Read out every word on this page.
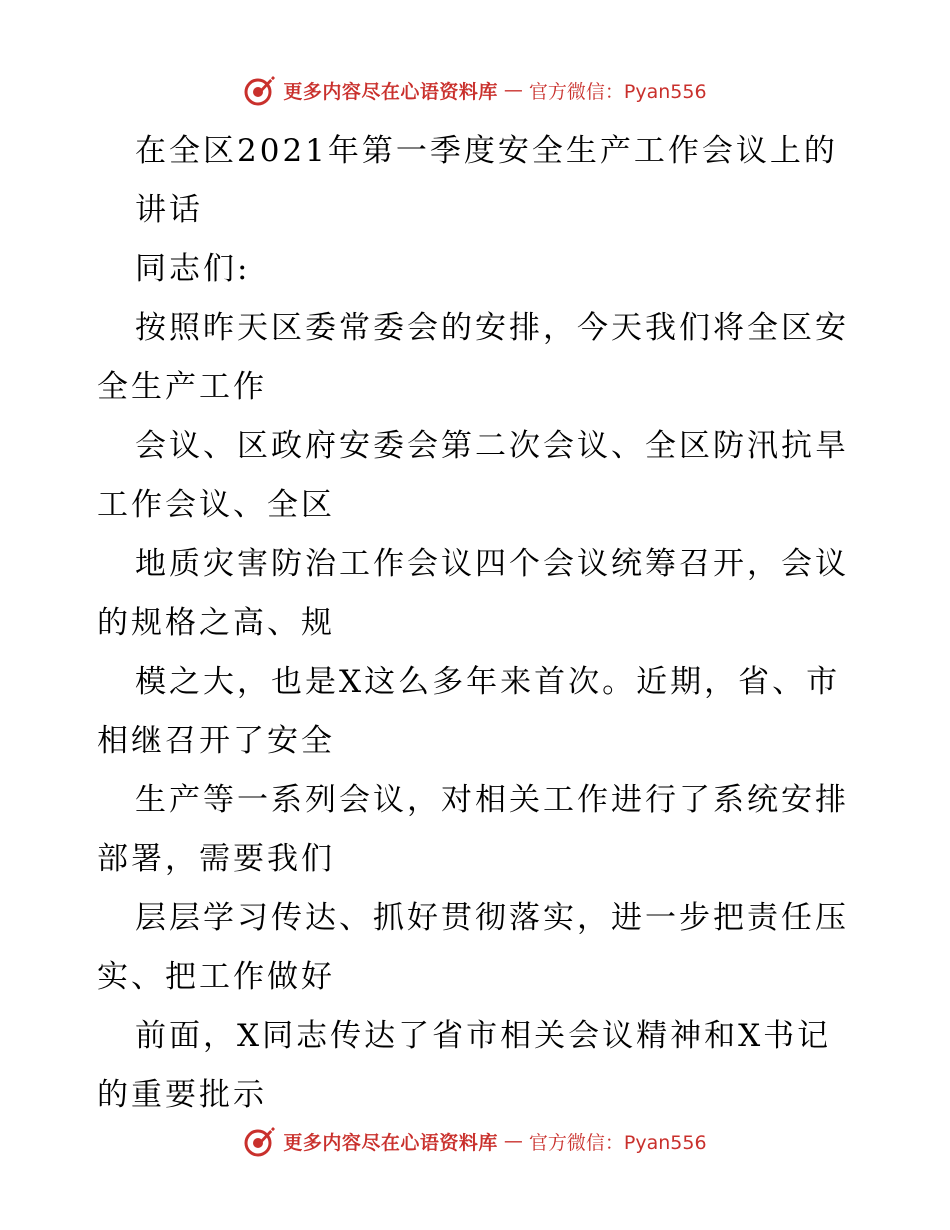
更多内容尽在心语资料库 — 官方微信：Pyan556
在全区2021年第一季度安全生产工作会议上的
讲话
同志们:
按照昨天区委常委会的安排，今天我们将全区安
全生产工作
会议、区政府安委会第二次会议、全区防汛抗旱
工作会议、全区
地质灾害防治工作会议四个会议统筹召开，会议
的规格之高、规
模之大，也是X这么多年来首次。近期，省、市
相继召开了安全
生产等一系列会议，对相关工作进行了系统安排
部署，需要我们
层层学习传达、抓好贯彻落实，进一步把责任压
实、把工作做好
前面，X同志传达了省市相关会议精神和X书记
的重要批示
更多内容尽在心语资料库 — 官方微信：Pyan556
